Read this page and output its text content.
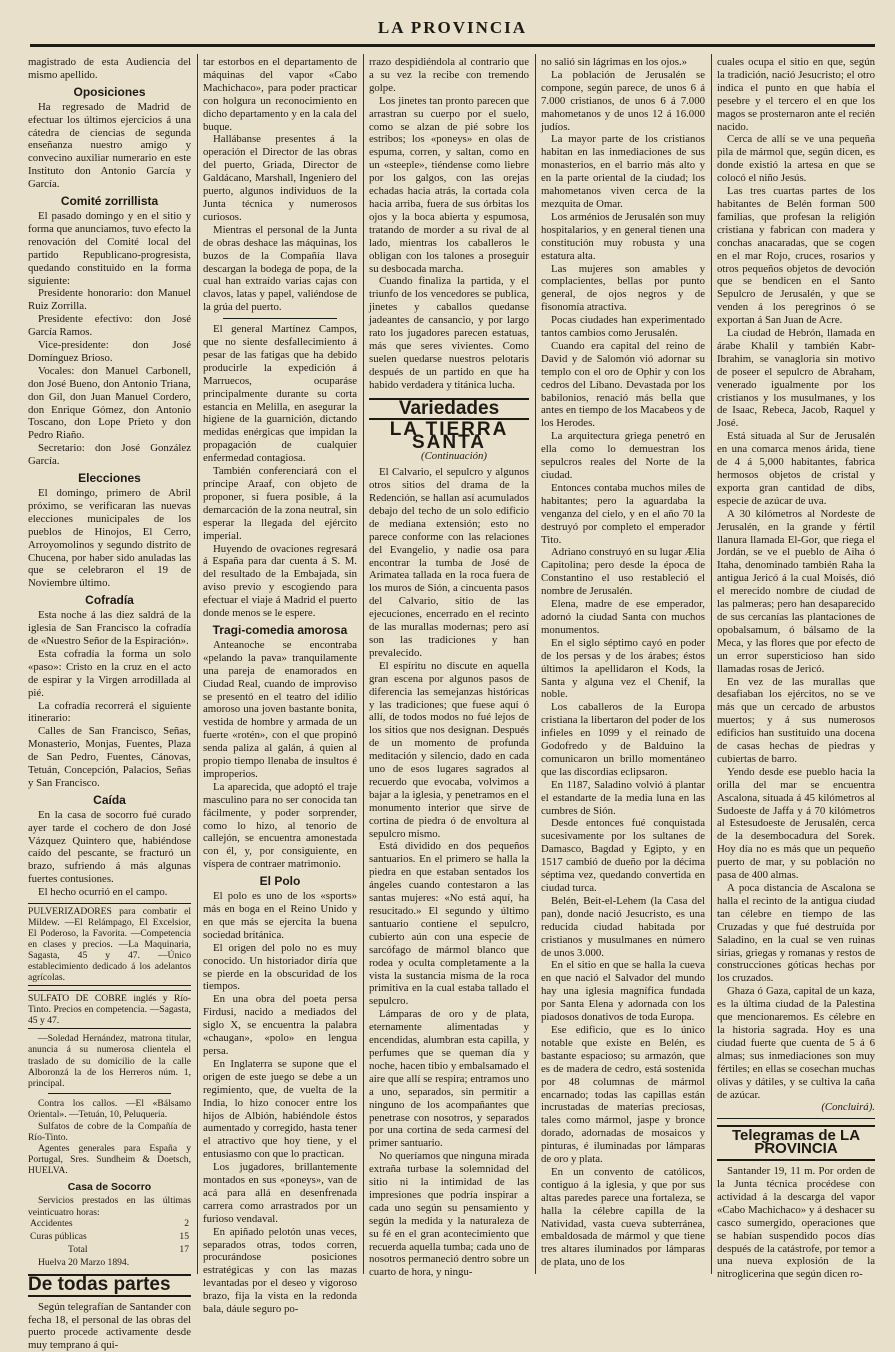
LA PROVINCIA

magistrado de esta Audiencia del mismo apellido.

Oposiciones

Ha regresado de Madrid de efectuar los últimos ejercicios á una cátedra de ciencias de segunda enseñanza nuestro amigo y convecino auxiliar numerario en este Instituto don Antonio García y García.

Comité zorrillista

El pasado domingo y en el sitio y forma que anunciamos, tuvo efecto la renovación del Comité local del partido Republicano-progresista, quedando constituido en la forma siguiente:

Presidente honorario: don Manuel Ruiz Zorrilla.

Presidente efectivo: don José García Ramos.

Vice-presidente: don José Domínguez Brioso.

Vocales: don Manuel Carbonell, don José Bueno, don Antonio Triana, don Gil, don Juan Manuel Cordero, don Enrique Gómez, don Antonio Toscano, don Lope Prieto y don Pedro Riaño.

Secretario: don José González García.

Elecciones

El domingo, primero de Abril próximo, se verificaran las nuevas elecciones municipales de los pueblos de Hinojos, El Cerro, Arroyomolinos y segundo distrito de Chucena, por haber sido anuladas las que se celebraron el 19 de Noviembre último.

Cofradía

Esta noche á las diez saldrá de la iglesia de San Francisco la cofradía de «Nuestro Señor de la Espiración».

Esta cofradía la forma un solo «paso»: Cristo en la cruz en el acto de espirar y la Virgen arrodillada al pié.

La cofradía recorrerá el siguiente itinerario:

Calles de San Francisco, Señas, Monasterio, Monjas, Fuentes, Plaza de San Pedro, Fuentes, Cánovas, Tetuán, Concepción, Palacios, Señas y San Francisco.

Caída

En la casa de socorro fué curado ayer tarde el cochero de don José Vázquez Quintero que, habiéndose caído del pescante, se fracturó un brazo, sufriendo á más algunas fuertes contusiones.

El hecho ocurrió en el campo.

PULVERIZADORES para combatir el Mildew. —El Relámpago, El Excelsior, El Poderoso, la Favorita. —Competencia en clases y precios. —La Maquinaria, Sagasta, 45 y 47. —Único establecimiento dedicado á los adelantos agrícolas.
SULFATO DE COBRE inglés y Río-Tinto. Precios en competencia. —Sagasta, 45 y 47.

—Soledad Hernández, matrona titular, anuncia á su numerosa clientela el traslado de su domicilio de la calle Alboronzá la de los Herreros núm. 1, principal.

Contra los callos. —El «Bálsamo Oriental». —Tetuán, 10, Peluquería.

Sulfatos de cobre de la Compañía de Río-Tinto.

Agentes generales para España y Portugal, Sres. Sundheim & Doetsch, HUELVA.

Casa de Socorro

Servicios prestados en las últimas veinticuatro horas:

Accidentes	2
Curas públicas	15
Total	17

Huelva 20 Marzo 1894.

De todas partes

Según telegrafían de Santander con fecha 18, el personal de las obras del puerto procede activamente desde muy temprano á qui-

tar estorbos en el departamento de máquinas del vapor «Cabo Machichaco», para poder practicar con holgura un reconocimiento en dicho departamento y en la cala del buque.

Hallábanse presentes á la operación el Director de las obras del puerto, Griada, Director de Galdácano, Marshall, Ingeniero del puerto, algunos individuos de la Junta técnica y numerosos curiosos.

Mientras el personal de la Junta de obras deshace las máquinas, los buzos de la Compañía llava descargan la bodega de popa, de la cual han extraído varias cajas con clavos, latas y papel, valiéndose de la grúa del puerto.

El general Martínez Campos, que no siente desfallecimiento á pesar de las fatigas que ha debido producirle la expedición á Marruecos, ocuparáse principalmente durante su corta estancia en Melilla, en asegurar la higiene de la guarnición, dictando medidas enérgicas que impidan la propagación de cualquier enfermedad contagiosa.

También conferenciará con el príncipe Araaf, con objeto de proponer, si fuera posible, á la demarcación de la zona neutral, sin esperar la llegada del ejército imperial.

Huyendo de ovaciones regresará á España para dar cuenta á S. M. del resultado de la Embajada, sin aviso previo y escogiendo para efectuar el viaje á Madrid el puerto donde menos se le espere.

Tragi-comedia amorosa

Anteanoche se encontraba «pelando la pava» tranquilamente una pareja de enamorados en Ciudad Real, cuando de improviso se presentó en el teatro del idilio amoroso una joven bastante bonita, vestida de hombre y armada de un fuerte «rotén», con el que propinó senda paliza al galán, á quien al propio tiempo llenaba de insultos é improperios.

La aparecida, que adoptó el traje masculino para no ser conocida tan fácilmente, y poder sorprender, como lo hizo, al tenorio de callejón, se encuentra amonestada con él, y, por consiguiente, en víspera de contraer matrimonio.

El Polo

El polo es uno de los «sports» más en boga en el Reino Unido y en que más se ejercita la buena sociedad británica.

El origen del polo no es muy conocido. Un historiador diría que se pierde en la obscuridad de los tiempos.

En una obra del poeta persa Firdusi, nacido a mediados del siglo X, se encuentra la palabra «chaugan», «polo» en lengua persa.

En Inglaterra se supone que el origen de este juego se debe a un regimiento, que, de vuelta de la India, lo hizo conocer entre los hijos de Albión, habiéndole éstos aumentado y corregido, hasta tener el atractivo que hoy tiene, y el entusiasmo con que lo practican.

Los jugadores, brillantemente montados en sus «poneys», van de acá para allá en desenfrenada carrera como arrastrados por un furioso vendaval.

En apiñado pelotón unas veces, separados otras, todos corren, procurándose posiciones estratégicas y con las mazas levantadas por el deseo y vigoroso brazo, fija la vista en la redonda bala, dáule seguro po-

rrazo despidiéndola al contrario que a su vez la recibe con tremendo golpe.

Los jinetes tan pronto parecen que arrastran su cuerpo por el suelo, como se alzan de pié sobre los estribos; los «poneys» en olas de espuma, corren, y saltan, como en un «steeple», tiéndense como liebre por los galgos, con las orejas echadas hacia atrás, la cortada cola hacia arriba, fuera de sus órbitas los ojos y la boca abierta y espumosa, tratando de morder a su rival de al lado, mientras los caballeros le obligan con los talones a proseguir su desbocada marcha.

Cuando finaliza la partida, y el triunfo de los vencedores se publica, jinetes y caballos quedanse jadeantes de cansancio, y por largo rato los jugadores parecen estatuas, más que seres vivientes. Como suelen quedarse nuestros pelotaris después de un partido en que ha habido verdadera y titánica lucha.

Variedades
LA TIERRA SANTA

(Continuación)

El Calvario, el sepulcro y algunos otros sitios del drama de la Redención, se hallan así acumulados debajo del techo de un solo edificio de mediana extensión; esto no parece conforme con las relaciones del Evangelio, y nadie osa para encontrar la tumba de José de Arimatea tallada en la roca fuera de los muros de Sión, a cincuenta pasos del Calvario, sitio de las ejecuciones, encerrado en el recinto de las murallas modernas; pero así son las tradiciones y han prevalecido.

El espíritu no discute en aquella gran escena por algunos pasos de diferencia las semejanzas históricas y las tradiciones; que fuese aquí ó allí, de todos modos no fué lejos de los sitios que nos designan. Después de un momento de profunda meditación y silencio, dado en cada uno de esos lugares sagrados al recuerdo que evocaba, volvimos a bajar a la iglesia, y penetramos en el monumento interior que sirve de cortina de piedra ó de envoltura al sepulcro mismo.

Está dividido en dos pequeños santuarios. En el primero se halla la piedra en que estaban sentados los ángeles cuando contestaron a las santas mujeres: «No está aquí, ha resucitado.» El segundo y último santuario contiene el sepulcro, cubierto aún con una especie de sarcófago de mármol blanco que rodea y oculta completamente a la vista la sustancia misma de la roca primitiva en la cual estaba tallado el sepulcro.

Lámparas de oro y de plata, eternamente alimentadas y encendidas, alumbran esta capilla, y perfumes que se queman día y noche, hacen tibio y embalsamado el aire que allí se respira; entramos uno a uno, separados, sin permitir a ninguno de los acompañantes que penetrase con nosotros, y separados por una cortina de seda carmesí del primer santuario.

No queríamos que ninguna mirada extraña turbase la solemnidad del sitio ni la intimidad de las impresiones que podría inspirar a cada uno según su pensamiento y según la medida y la naturaleza de su fé en el gran acontecimiento que recuerda aquella tumba; cada uno de nosotros permaneció dentro sobre un cuarto de hora, y ningu-

no salió sin lágrimas en los ojos.»

La población de Jerusalén se compone, según parece, de unos 6 á 7.000 cristianos, de unos 6 á 7.000 mahometanos y de unos 12 á 16.000 judíos.

La mayor parte de los cristianos habitan en las inmediaciones de sus monasterios, en el barrio más alto y en la parte oriental de la ciudad; los mahometanos viven cerca de la mezquita de Omar.

Los arménios de Jerusalén son muy hospitalarios, y en general tienen una constitución muy robusta y una estatura alta.

Las mujeres son amables y complacientes, bellas por punto general, de ojos negros y de fisonomía atractiva.

Pocas ciudades han experimentado tantos cambios como Jerusalén.

Cuando era capital del reino de David y de Salomón vió adornar su templo con el oro de Ophir y con los cedros del Líbano. Devastada por los babilonios, renació más bella que antes en tiempo de los Macabeos y de los Herodes.

La arquitectura griega penetró en ella como lo demuestran los sepulcros reales del Norte de la ciudad.

Entonces contaba muchos miles de habitantes; pero la aguardaba la venganza del cielo, y en el año 70 la destruyó por completo el emperador Tito.

Adriano construyó en su lugar Ælia Capitolina; pero desde la época de Constantino el uso restableció el nombre de Jerusalén.

Elena, madre de ese emperador, adornó la ciudad Santa con muchos monumentos.

En el siglo séptimo cayó en poder de los persas y de los árabes; éstos últimos la apellidaron el Kods, la Santa y alguna vez el Chenif, la noble.

Los caballeros de la Europa cristiana la libertaron del poder de los infieles en 1099 y el reinado de Godofredo y de Balduino la comunicaron un brillo momentáneo que las discordias eclipsaron.

En 1187, Saladino volvió á plantar el estandarte de la media luna en las cumbres de Sión.

Desde entonces fué conquistada sucesivamente por los sultanes de Damasco, Bagdad y Egipto, y en 1517 cambió de dueño por la décima séptima vez, quedando convertida en ciudad turca.

Belén, Beit-el-Lehem (la Casa del pan), donde nació Jesucristo, es una reducida ciudad habitada por cristianos y musulmanes en número de unos 3.000.

En el sitio en que se halla la cueva en que nació el Salvador del mundo hay una iglesia magnífica fundada por Santa Elena y adornada con los piadosos donativos de toda Europa.

Ese edificio, que es lo único notable que existe en Belén, es bastante espacioso; su armazón, que es de madera de cedro, está sostenida por 48 columnas de mármol encarnado; todas las capillas están incrustadas de materias preciosas, tales como mármol, jaspe y bronce dorado, adornadas de mosaicos y pinturas, é iluminadas por lámparas de oro y plata.

En un convento de católicos, contiguo á la iglesia, y que por sus altas paredes parece una fortaleza, se halla la célebre capilla de la Natividad, vasta cueva subterránea, embaldosada de mármol y que tiene tres altares iluminados por lámparas de plata, uno de los

cuales ocupa el sitio en que, según la tradición, nació Jesucristo; el otro indica el punto en que había el pesebre y el tercero el en que los magos se prosternaron ante el recién nacido.

Cerca de allí se ve una pequeña pila de mármol que, según dicen, es donde existió la artesa en que se colocó el niño Jesús.

Las tres cuartas partes de los habitantes de Belén forman 500 familias, que profesan la religión cristiana y fabrican con madera y conchas anacaradas, que se cogen en el mar Rojo, cruces, rosarios y otros pequeños objetos de devoción que se bendicen en el Santo Sepulcro de Jerusalén, y que se venden á los peregrinos ó se exportan á San Juan de Acre.

La ciudad de Hebrón, llamada en árabe Khalil y también Kabr-Ibrahim, se vanagloria sin motivo de poseer el sepulcro de Abraham, venerado igualmente por los cristianos y los musulmanes, y los de Isaac, Rebeca, Jacob, Raquel y José.

Está situada al Sur de Jerusalén en una comarca menos árida, tiene de 4 á 5,000 habitantes, fabrica hermosos objetos de cristal y exporta gran cantidad de dibs, especie de azúcar de uva.

A 30 kilómetros al Nordeste de Jerusalén, en la grande y fértil llanura llamada El-Gor, que riega el Jordán, se ve el pueblo de Aiha ó Itaha, denominado también Raha la antigua Jericó á la cual Moisés, dió el merecido nombre de ciudad de las palmeras; pero han desaparecido de sus cercanías las plantaciones de opobalsamum, ó bálsamo de la Meca, y las flores que por efecto de un error supersticioso han sido llamadas rosas de Jericó.

En vez de las murallas que desafiaban los ejércitos, no se ve más que un cercado de arbustos muertos; y á sus numerosos edificios han sustituido una docena de casas hechas de piedras y cubiertas de barro.

Yendo desde ese pueblo hacia la orilla del mar se encuentra Ascalona, situada á 45 kilómetros al Sudoeste de Jaffa y á 70 kilómetros al Estesudoeste de Jerusalén, cerca de la desembocadura del Sorek. Hoy día no es más que un pequeño puerto de mar, y su población no pasa de 400 almas.

A poca distancia de Ascalona se halla el recinto de la antigua ciudad tan célebre en tiempo de las Cruzadas y que fué destruída por Saladino, en la cual se ven ruinas sirias, griegas y romanas y restos de construcciones góticas hechas por los cruzados.

Ghaza ó Gaza, capital de un kaza, es la última ciudad de la Palestina que mencionaremos. Es célebre en la historia sagrada. Hoy es una ciudad fuerte que cuenta de 5 á 6 almas; sus inmediaciones son muy fértiles; en ellas se cosechan muchas olivas y dátiles, y se cultiva la caña de azúcar.

(Concluirá).

Telegramas de LA PROVINCIA

Santander 19, 11 m. Por orden de la Junta técnica procédese con actividad á la descarga del vapor «Cabo Machichaco» y á deshacer su casco sumergido, operaciones que se habían suspendido pocos días después de la catástrofe, por temor a una nueva explosión de la nitroglicerina que según dicen ro-
